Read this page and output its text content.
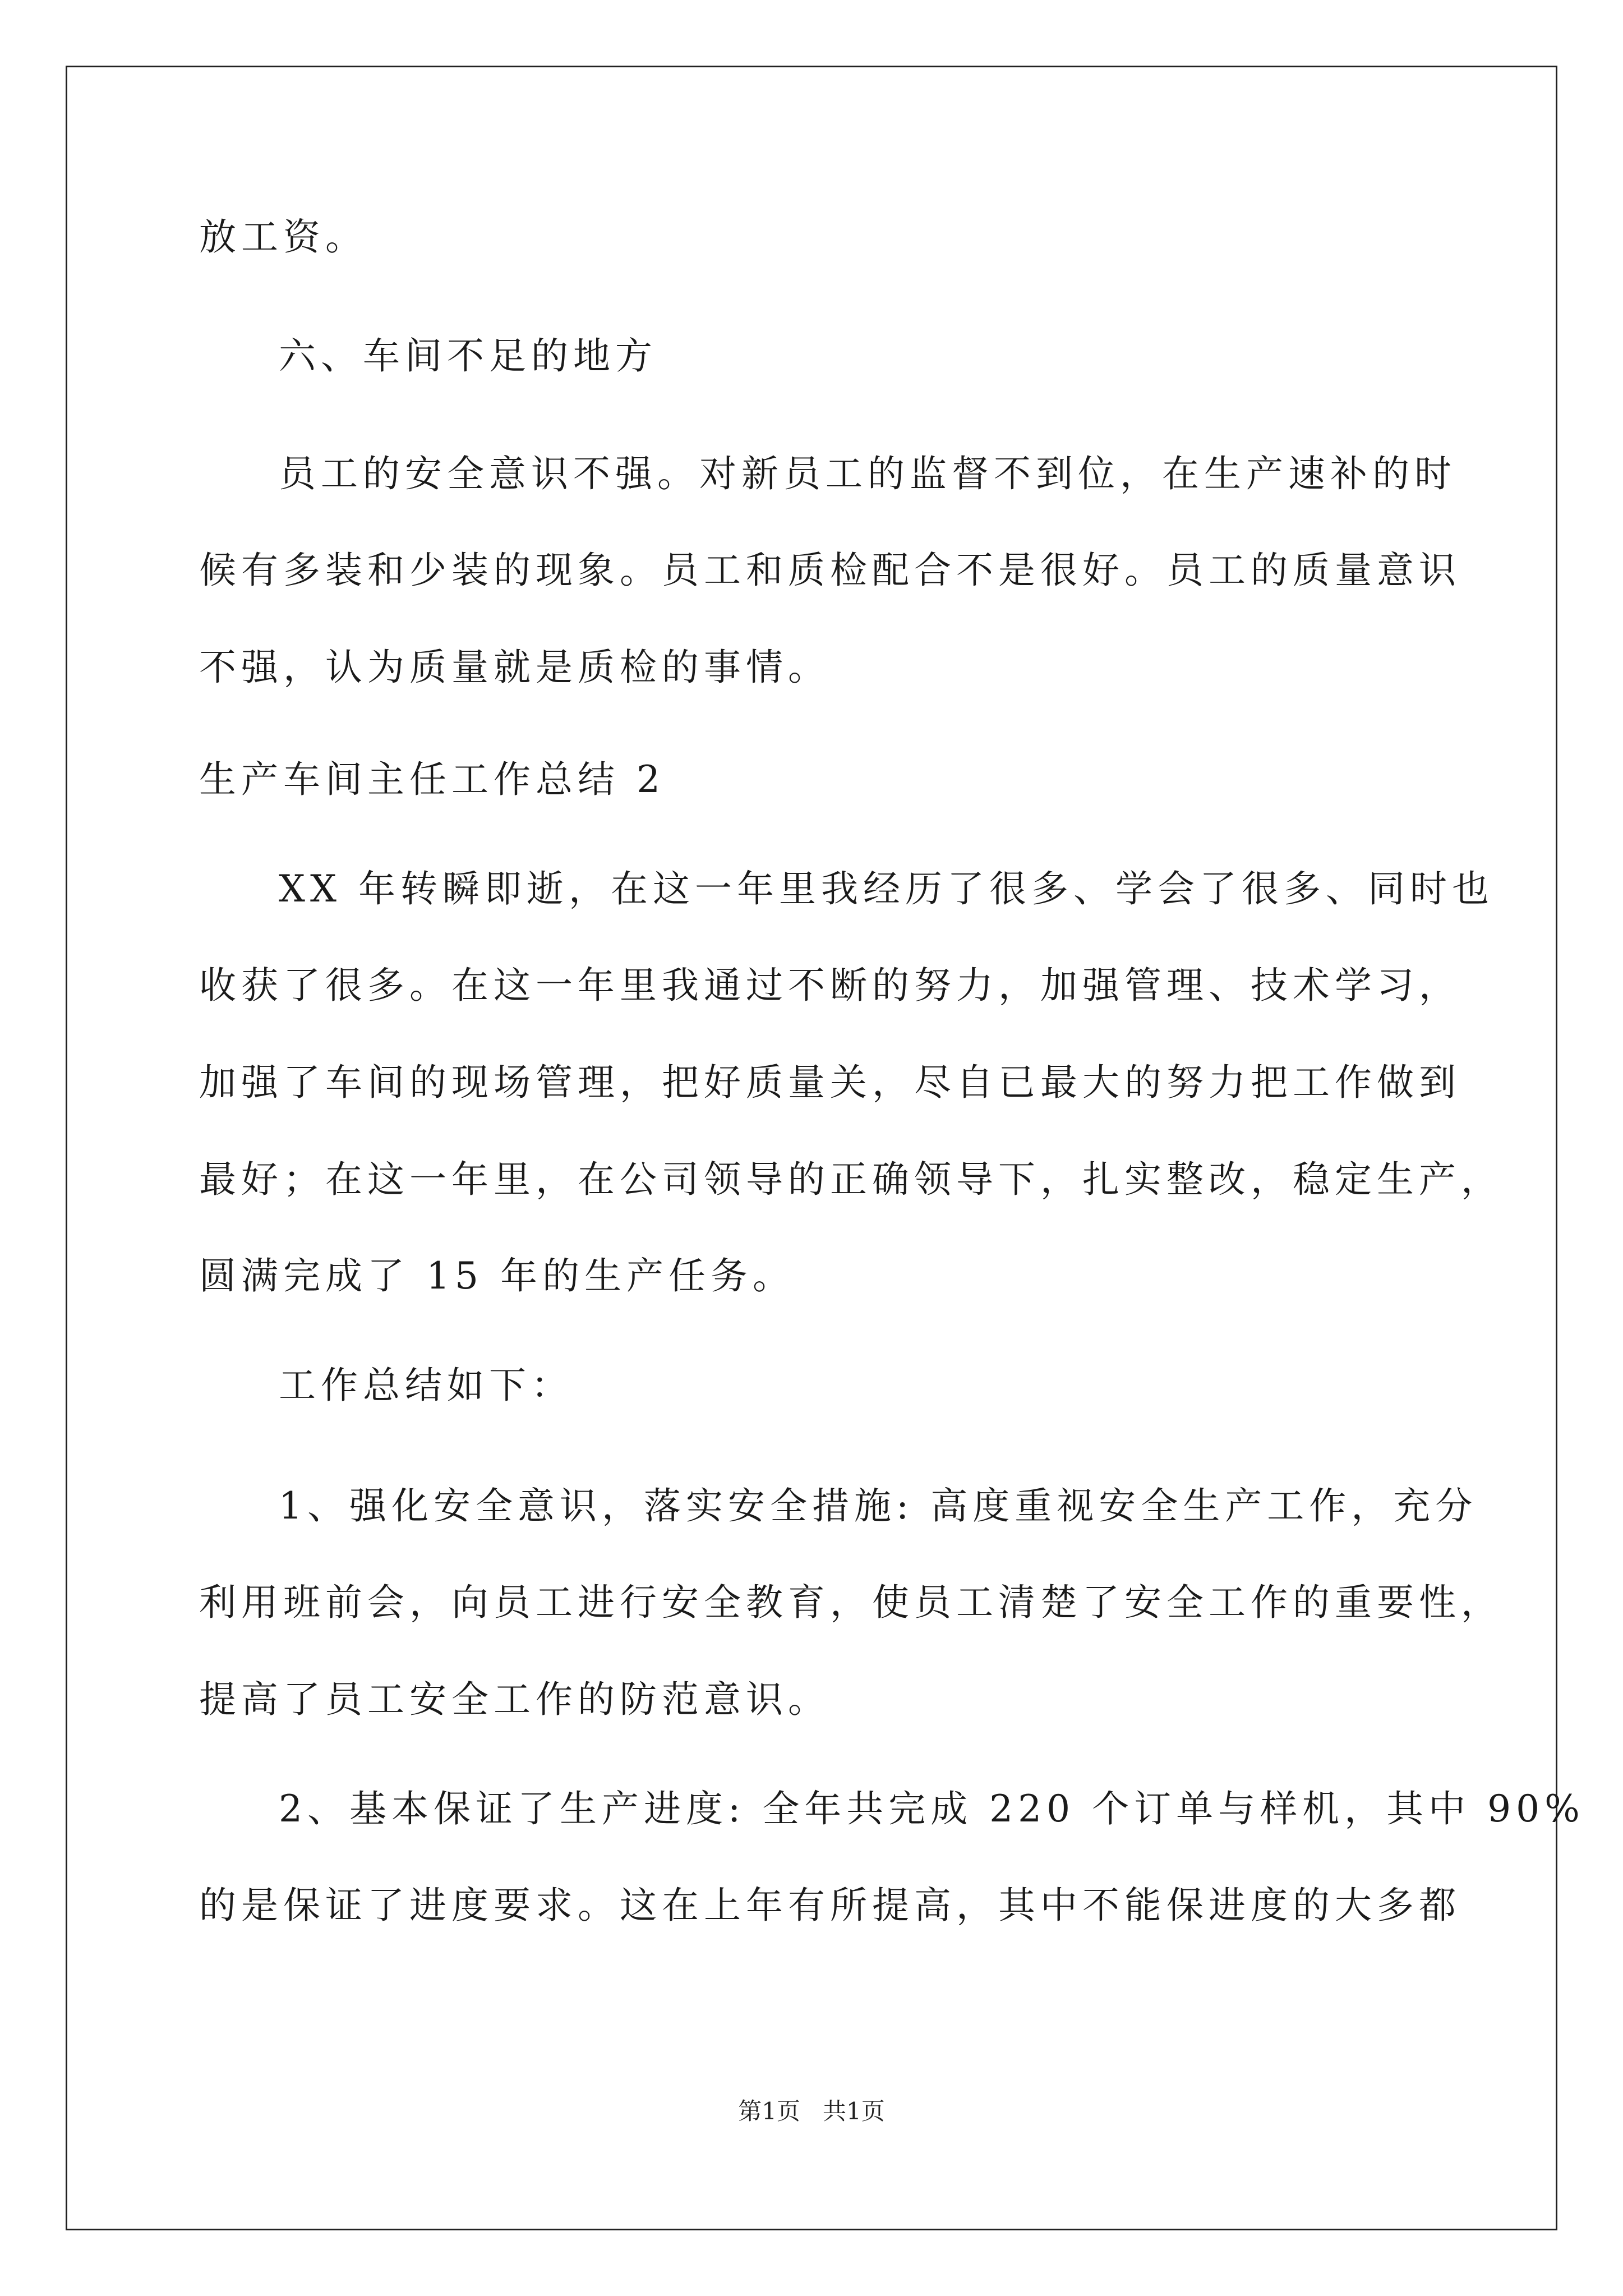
放工资。

六、车间不足的地方

员工的安全意识不强。对新员工的监督不到位，在生产速补的时

候有多装和少装的现象。员工和质检配合不是很好。员工的质量意识

不强，认为质量就是质检的事情。

生产车间主任工作总结 2

XX 年转瞬即逝，在这一年里我经历了很多、学会了很多、同时也

收获了很多。在这一年里我通过不断的努力，加强管理、技术学习，

加强了车间的现场管理，把好质量关，尽自已最大的努力把工作做到

最好；在这一年里，在公司领导的正确领导下，扎实整改，稳定生产，

圆满完成了 15 年的生产任务。

工作总结如下：

1、强化安全意识，落实安全措施: 高度重视安全生产工作，充分

利用班前会，向员工进行安全教育，使员工清楚了安全工作的重要性，

提高了员工安全工作的防范意识。

2、基本保证了生产进度: 全年共完成 220 个订单与样机，其中 90%

的是保证了进度要求。这在上年有所提高，其中不能保进度的大多都

第1页   共1页
